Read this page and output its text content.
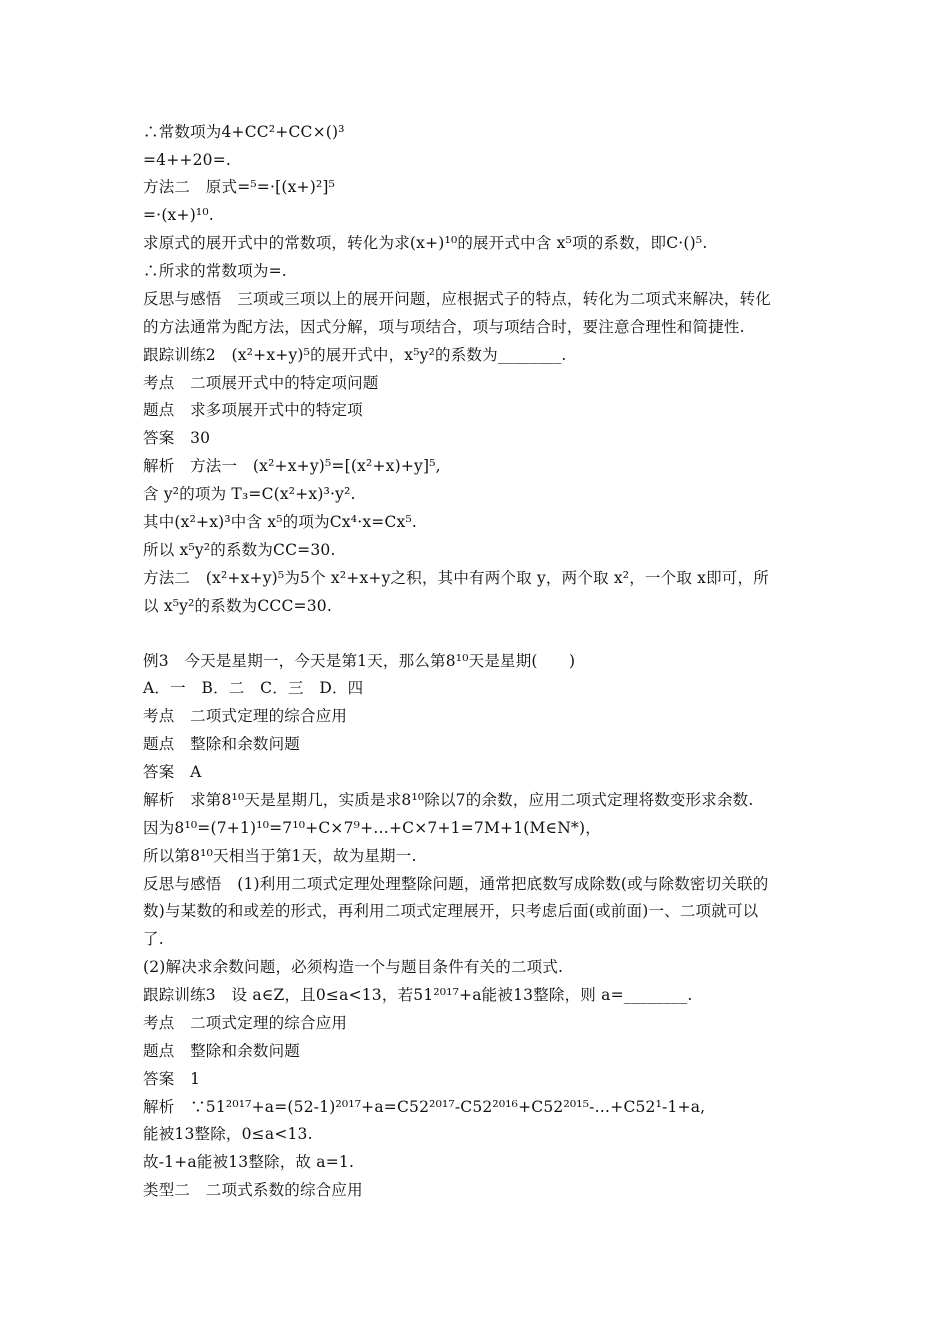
∴常数项为4+CC²+CC×()³
=4++20=.
方法二　原式=⁵=·[(x+)²]⁵
=·(x+)¹⁰.
求原式的展开式中的常数项，转化为求(x+)¹⁰的展开式中含 x⁵项的系数，即C·()⁵.
∴所求的常数项为=.
反思与感悟　三项或三项以上的展开问题，应根据式子的特点，转化为二项式来解决，转化
的方法通常为配方法，因式分解，项与项结合，项与项结合时，要注意合理性和简捷性.
跟踪训练2　(x²+x+y)⁵的展开式中，x⁵y²的系数为________.
考点　二项展开式中的特定项问题
题点　求多项展开式中的特定项
答案　30
解析　方法一　(x²+x+y)⁵=[(x²+x)+y]⁵,
含 y²的项为 T₃=C(x²+x)³·y².
其中(x²+x)³中含 x⁵的项为Cx⁴·x=Cx⁵.
所以 x⁵y²的系数为CC=30.
方法二　(x²+x+y)⁵为5个 x²+x+y之积，其中有两个取 y，两个取 x²，一个取 x即可，所
以 x⁵y²的系数为CCC=30.
例3　今天是星期一，今天是第1天，那么第8¹⁰天是星期(　　)
A．一　B．二　C．三　D．四
考点　二项式定理的综合应用
题点　整除和余数问题
答案　A
解析　求第8¹⁰天是星期几，实质是求8¹⁰除以7的余数，应用二项式定理将数变形求余数.
因为8¹⁰=(7+1)¹⁰=7¹⁰+C×7⁹+…+C×7+1=7M+1(M∈N*)，
所以第8¹⁰天相当于第1天，故为星期一.
反思与感悟　(1)利用二项式定理处理整除问题，通常把底数写成除数(或与除数密切关联的
数)与某数的和或差的形式，再利用二项式定理展开，只考虑后面(或前面)一、二项就可以
了.
(2)解决求余数问题，必须构造一个与题目条件有关的二项式.
跟踪训练3　设 a∈Z，且0≤a<13，若51²⁰¹⁷+a能被13整除，则 a=________.
考点　二项式定理的综合应用
题点　整除和余数问题
答案　1
解析　∵51²⁰¹⁷+a=(52-1)²⁰¹⁷+a=C52²⁰¹⁷-C52²⁰¹⁶+C52²⁰¹⁵-…+C52¹-1+a,
能被13整除，0≤a<13.
故-1+a能被13整除，故 a=1.
类型二　二项式系数的综合应用
